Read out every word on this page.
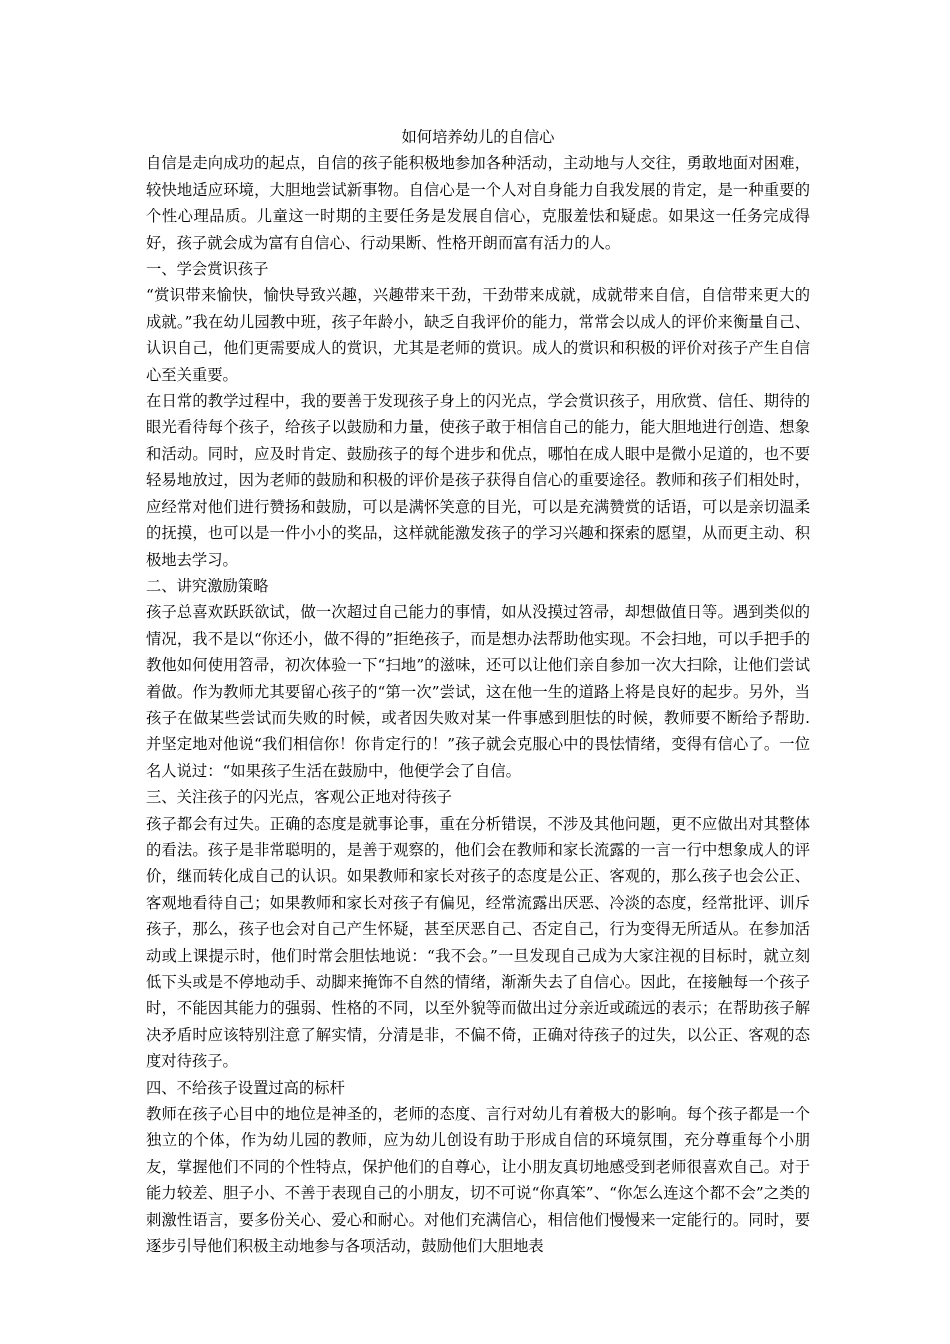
如何培养幼儿的自信心

自信是走向成功的起点，自信的孩子能积极地参加各种活动，主动地与人交往，勇敢地面对困难，较快地适应环境，大胆地尝试新事物。自信心是一个人对自身能力自我发展的肯定，是一种重要的个性心理品质。儿童这一时期的主要任务是发展自信心，克服羞怯和疑虑。如果这一任务完成得好，孩子就会成为富有自信心、行动果断、性格开朗而富有活力的人。

一、学会赏识孩子

“赏识带来愉快，愉快导致兴趣，兴趣带来干劲，干劲带来成就，成就带来自信，自信带来更大的成就。”我在幼儿园教中班，孩子年龄小，缺乏自我评价的能力，常常会以成人的评价来衡量自己、认识自己，他们更需要成人的赏识，尤其是老师的赏识。成人的赏识和积极的评价对孩子产生自信心至关重要。

在日常的教学过程中，我的要善于发现孩子身上的闪光点，学会赏识孩子，用欣赏、信任、期待的眼光看待每个孩子，给孩子以鼓励和力量，使孩子敢于相信自己的能力，能大胆地进行创造、想象和活动。同时，应及时肯定、鼓励孩子的每个进步和优点，哪怕在成人眼中是微小足道的，也不要轻易地放过，因为老师的鼓励和积极的评价是孩子获得自信心的重要途径。教师和孩子们相处时，应经常对他们进行赞扬和鼓励，可以是满怀笑意的目光，可以是充满赞赏的话语，可以是亲切温柔的抚摸，也可以是一件小小的奖品，这样就能激发孩子的学习兴趣和探索的愿望，从而更主动、积极地去学习。

二、讲究激励策略

孩子总喜欢跃跃欲试，做一次超过自己能力的事情，如从没摸过笤帚，却想做值日等。遇到类似的情况，我不是以“你还小，做不得的”拒绝孩子，而是想办法帮助他实现。不会扫地，可以手把手的教他如何使用笤帚，初次体验一下“扫地”的滋味，还可以让他们亲自参加一次大扫除，让他们尝试着做。作为教师尤其要留心孩子的“第一次”尝试，这在他一生的道路上将是良好的起步。另外，当孩子在做某些尝试而失败的时候，或者因失败对某一件事感到胆怯的时候，教师要不断给予帮助. 并坚定地对他说“我们相信你！你肯定行的！”孩子就会克服心中的畏怯情绪，变得有信心了。一位名人说过：“如果孩子生活在鼓励中，他便学会了自信。

三、关注孩子的闪光点，客观公正地对待孩子

孩子都会有过失。正确的态度是就事论事，重在分析错误，不涉及其他问题，更不应做出对其整体的看法。孩子是非常聪明的，是善于观察的，他们会在教师和家长流露的一言一行中想象成人的评价，继而转化成自己的认识。如果教师和家长对孩子的态度是公正、客观的，那么孩子也会公正、客观地看待自己；如果教师和家长对孩子有偏见，经常流露出厌恶、冷淡的态度，经常批评、训斥孩子，那么，孩子也会对自己产生怀疑，甚至厌恶自己、否定自己，行为变得无所适从。在参加活动或上课提示时，他们时常会胆怯地说：“我不会。”一旦发现自己成为大家注视的目标时，就立刻低下头或是不停地动手、动脚来掩饰不自然的情绪，渐渐失去了自信心。因此，在接触每一个孩子时，不能因其能力的强弱、性格的不同，以至外貌等而做出过分亲近或疏远的表示；在帮助孩子解决矛盾时应该特别注意了解实情，分清是非，不偏不倚，正确对待孩子的过失，以公正、客观的态度对待孩子。

四、不给孩子设置过高的标杆

教师在孩子心目中的地位是神圣的，老师的态度、言行对幼儿有着极大的影响。每个孩子都是一个独立的个体，作为幼儿园的教师，应为幼儿创设有助于形成自信的环境氛围，充分尊重每个小朋友，掌握他们不同的个性特点，保护他们的自尊心，让小朋友真切地感受到老师很喜欢自己。对于能力较差、胆子小、不善于表现自己的小朋友，切不可说“你真笨”、“你怎么连这个都不会”之类的刺激性语言，要多份关心、爱心和耐心。对他们充满信心，相信他们慢慢来一定能行的。同时，要逐步引导他们积极主动地参与各项活动，鼓励他们大胆地表
